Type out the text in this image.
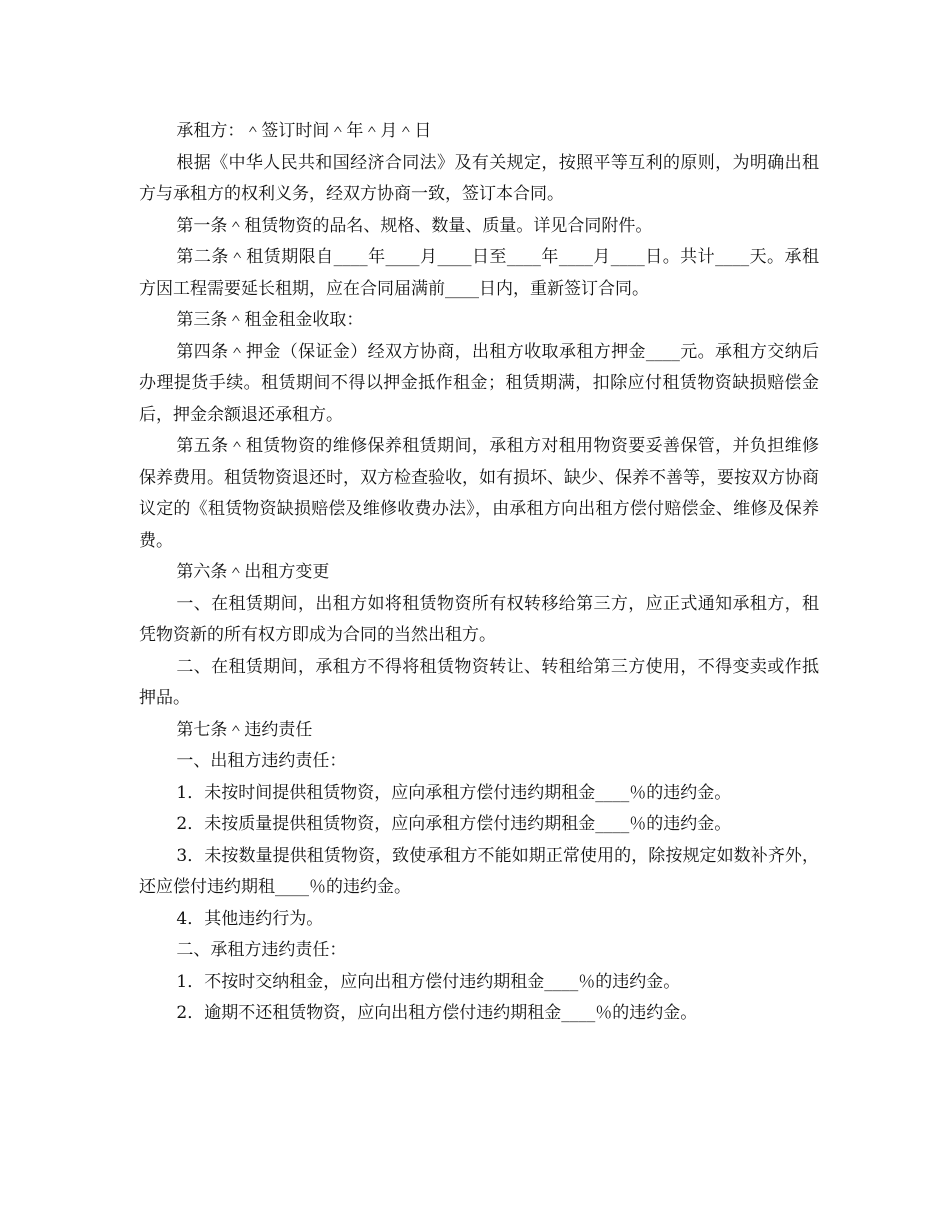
承租方：＾签订时间＾年＾月＾日

根据《中华人民共和国经济合同法》及有关规定，按照平等互利的原则，为明确出租方与承租方的权利义务，经双方协商一致，签订本合同。

第一条＾租赁物资的品名、规格、数量、质量。详见合同附件。

第二条＾租赁期限自____年____月____日至____年____月____日。共计____天。承租方因工程需要延长租期，应在合同届满前____日内，重新签订合同。

第三条＾租金租金收取：

第四条＾押金（保证金）经双方协商，出租方收取承租方押金____元。承租方交纳后办理提货手续。租赁期间不得以押金抵作租金；租赁期满，扣除应付租赁物资缺损赔偿金后，押金余额退还承租方。

第五条＾租赁物资的维修保养租赁期间，承租方对租用物资要妥善保管，并负担维修保养费用。租赁物资退还时，双方检查验收，如有损坏、缺少、保养不善等，要按双方协商议定的《租赁物资缺损赔偿及维修收费办法》，由承租方向出租方偿付赔偿金、维修及保养费。

第六条＾出租方变更

一、在租赁期间，出租方如将租赁物资所有权转移给第三方，应正式通知承租方，租凭物资新的所有权方即成为合同的当然出租方。

二、在租赁期间，承租方不得将租赁物资转让、转租给第三方使用，不得变卖或作抵押品。

第七条＾违约责任

一、出租方违约责任：

1．未按时间提供租赁物资，应向承租方偿付违约期租金____％的违约金。

2．未按质量提供租赁物资，应向承租方偿付违约期租金____％的违约金。

3．未按数量提供租赁物资，致使承租方不能如期正常使用的，除按规定如数补齐外，还应偿付违约期租____％的违约金。

4．其他违约行为。

二、承租方违约责任：

1．不按时交纳租金，应向出租方偿付违约期租金____％的违约金。

2．逾期不还租赁物资，应向出租方偿付违约期租金____％的违约金。
